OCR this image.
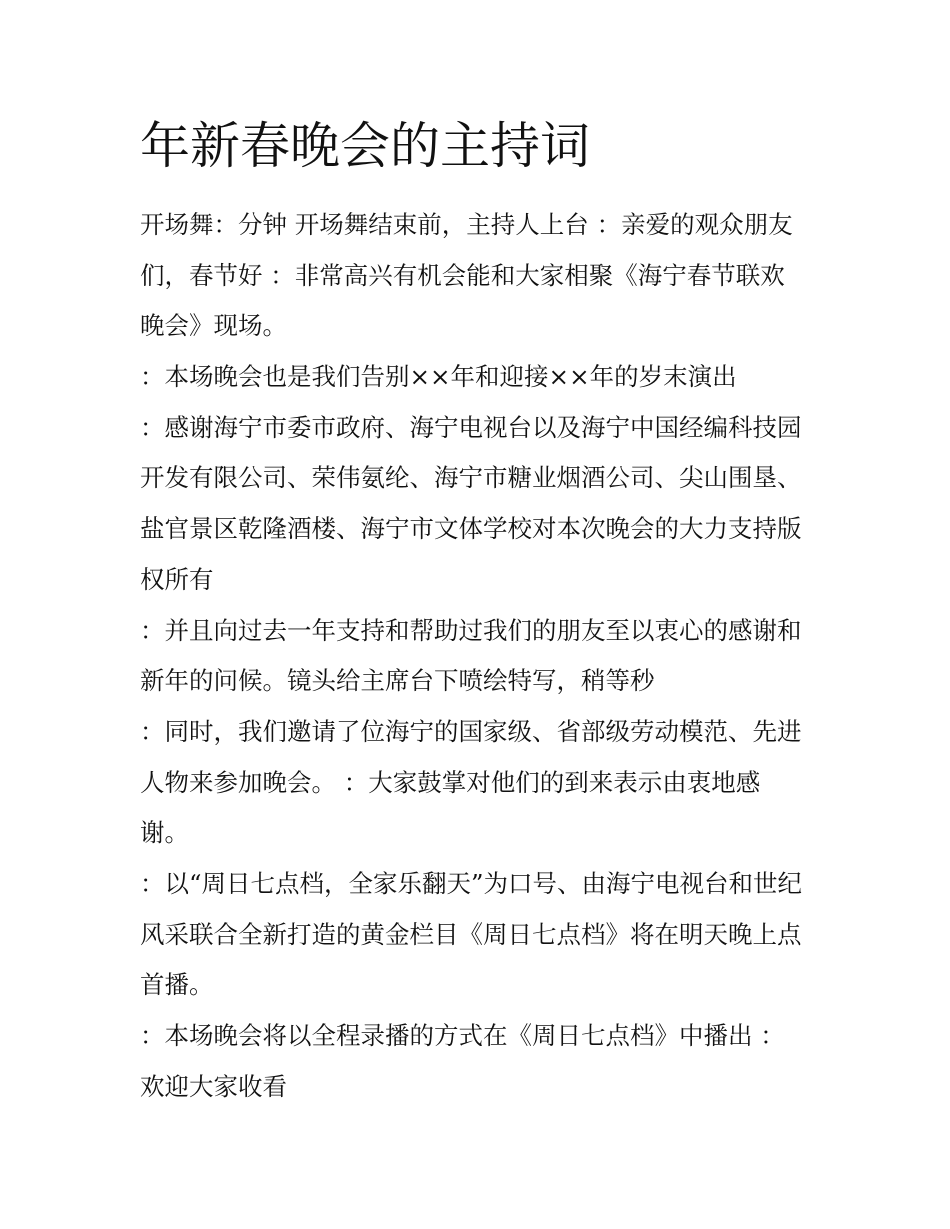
年新春晚会的主持词

开场舞：分钟 开场舞结束前，主持人上台 ：亲爱的观众朋友

们，春节好 ：非常高兴有机会能和大家相聚《海宁春节联欢

晚会》现场。

：本场晚会也是我们告别××年和迎接××年的岁末演出

：感谢海宁市委市政府、海宁电视台以及海宁中国经编科技园

开发有限公司、荣伟氨纶、海宁市糖业烟酒公司、尖山围垦、

盐官景区乾隆酒楼、海宁市文体学校对本次晚会的大力支持版

权所有

：并且向过去一年支持和帮助过我们的朋友至以衷心的感谢和

新年的问候。镜头给主席台下喷绘特写，稍等秒

：同时，我们邀请了位海宁的国家级、省部级劳动模范、先进

人物来参加晚会。 ：大家鼓掌对他们的到来表示由衷地感

谢。

：以“周日七点档，全家乐翻天”为口号、由海宁电视台和世纪

风采联合全新打造的黄金栏目《周日七点档》将在明天晚上点

首播。

：本场晚会将以全程录播的方式在《周日七点档》中播出 ：

欢迎大家收看
